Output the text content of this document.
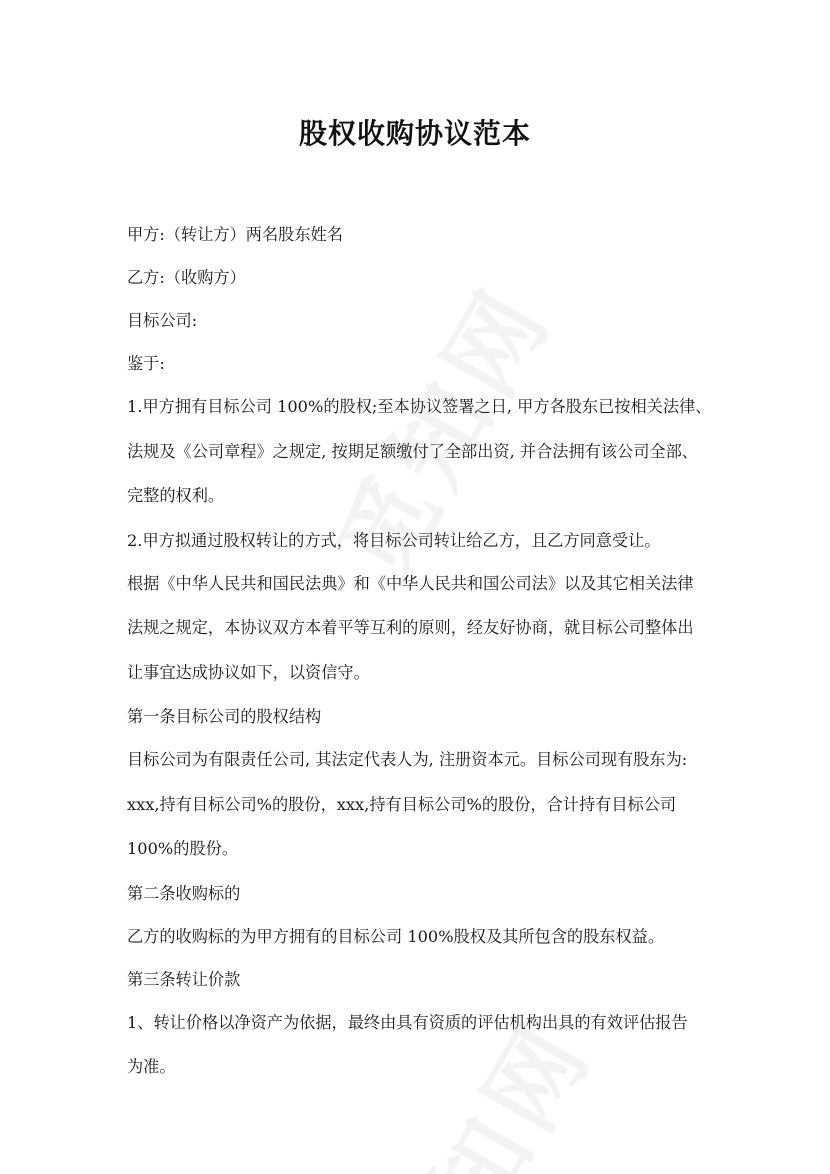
股权收购协议范本
甲方:（转让方）两名股东姓名
乙方:（收购方）
目标公司:
鉴于:
1.甲方拥有目标公司 100%的股权;至本协议签署之日, 甲方各股东已按相关法律、
法规及《公司章程》之规定, 按期足额缴付了全部出资, 并合法拥有该公司全部、
完整的权利。
2.甲方拟通过股权转让的方式，将目标公司转让给乙方，且乙方同意受让。
根据《中华人民共和国民法典》和《中华人民共和国公司法》以及其它相关法律
法规之规定，本协议双方本着平等互利的原则，经友好协商，就目标公司整体出
让事宜达成协议如下，以资信守。
第一条目标公司的股权结构
目标公司为有限责任公司, 其法定代表人为, 注册资本元。目标公司现有股东为:
xxx,持有目标公司%的股份，xxx,持有目标公司%的股份，合计持有目标公司
100%的股份。
第二条收购标的
乙方的收购标的为甲方拥有的目标公司 100%股权及其所包含的股东权益。
第三条转让价款
1、转让价格以净资产为依据，最终由具有资质的评估机构出具的有效评估报告
为准。
